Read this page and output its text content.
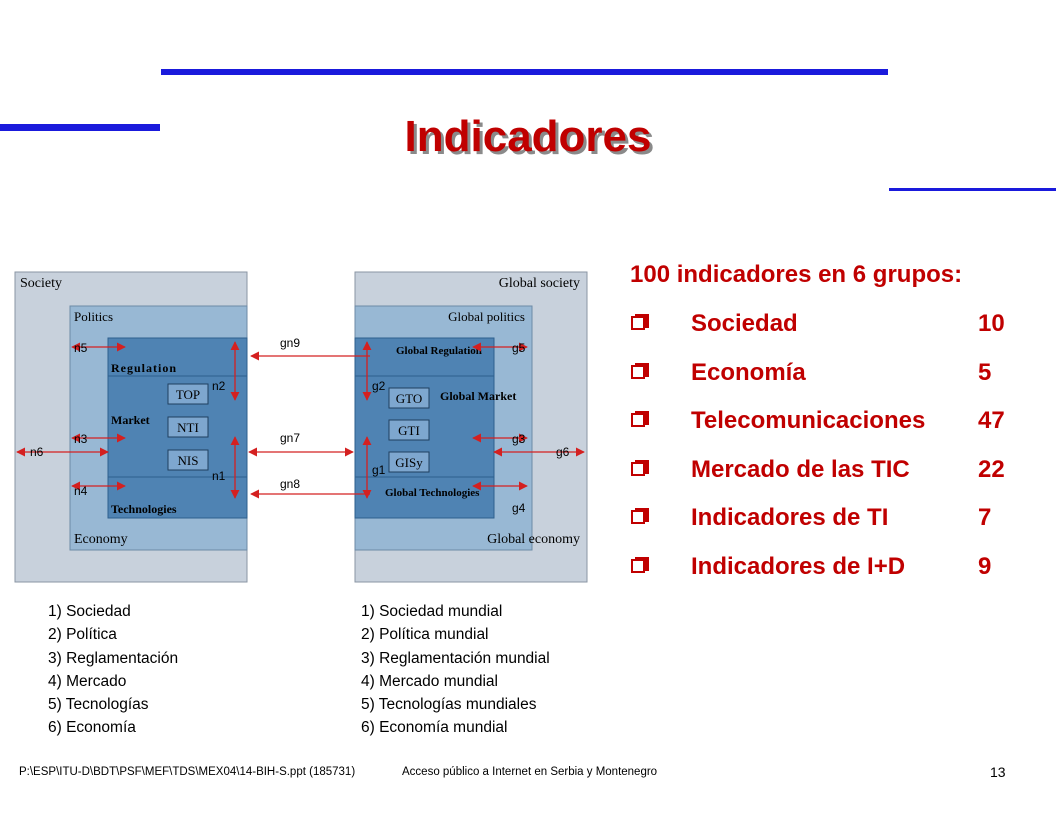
Indicadores
Society
Politics
Regulation
Market
Technologies
Economy
TOP
NTI
NIS
Global society
Global politics
Global Regulation
Global Market
Global Technologies
Global economy
GTO
GTI
GISy
n5
n3
n4
n6
n2
n1
gn9
gn7
gn8
g5
g3
g4
g6
g2
g1
1) Sociedad
2) Política
3) Reglamentación
4) Mercado
5) Tecnologías
6) Economía
1) Sociedad mundial
2) Política mundial
3) Reglamentación mundial
4) Mercado mundial
5) Tecnologías mundiales
6) Economía mundial
100 indicadores en 6 grupos:
Sociedad	10
Economía	5
Telecomunicaciones 47
Mercado de las TIC	22
Indicadores de TI	7
Indicadores de I+D	9
P:\ESP\ITU-D\BDT\PSF\MEF\TDS\MEX04\14-BIH-S.ppt (185731)	Acceso público a Internet en Serbia y Montenegro	13
